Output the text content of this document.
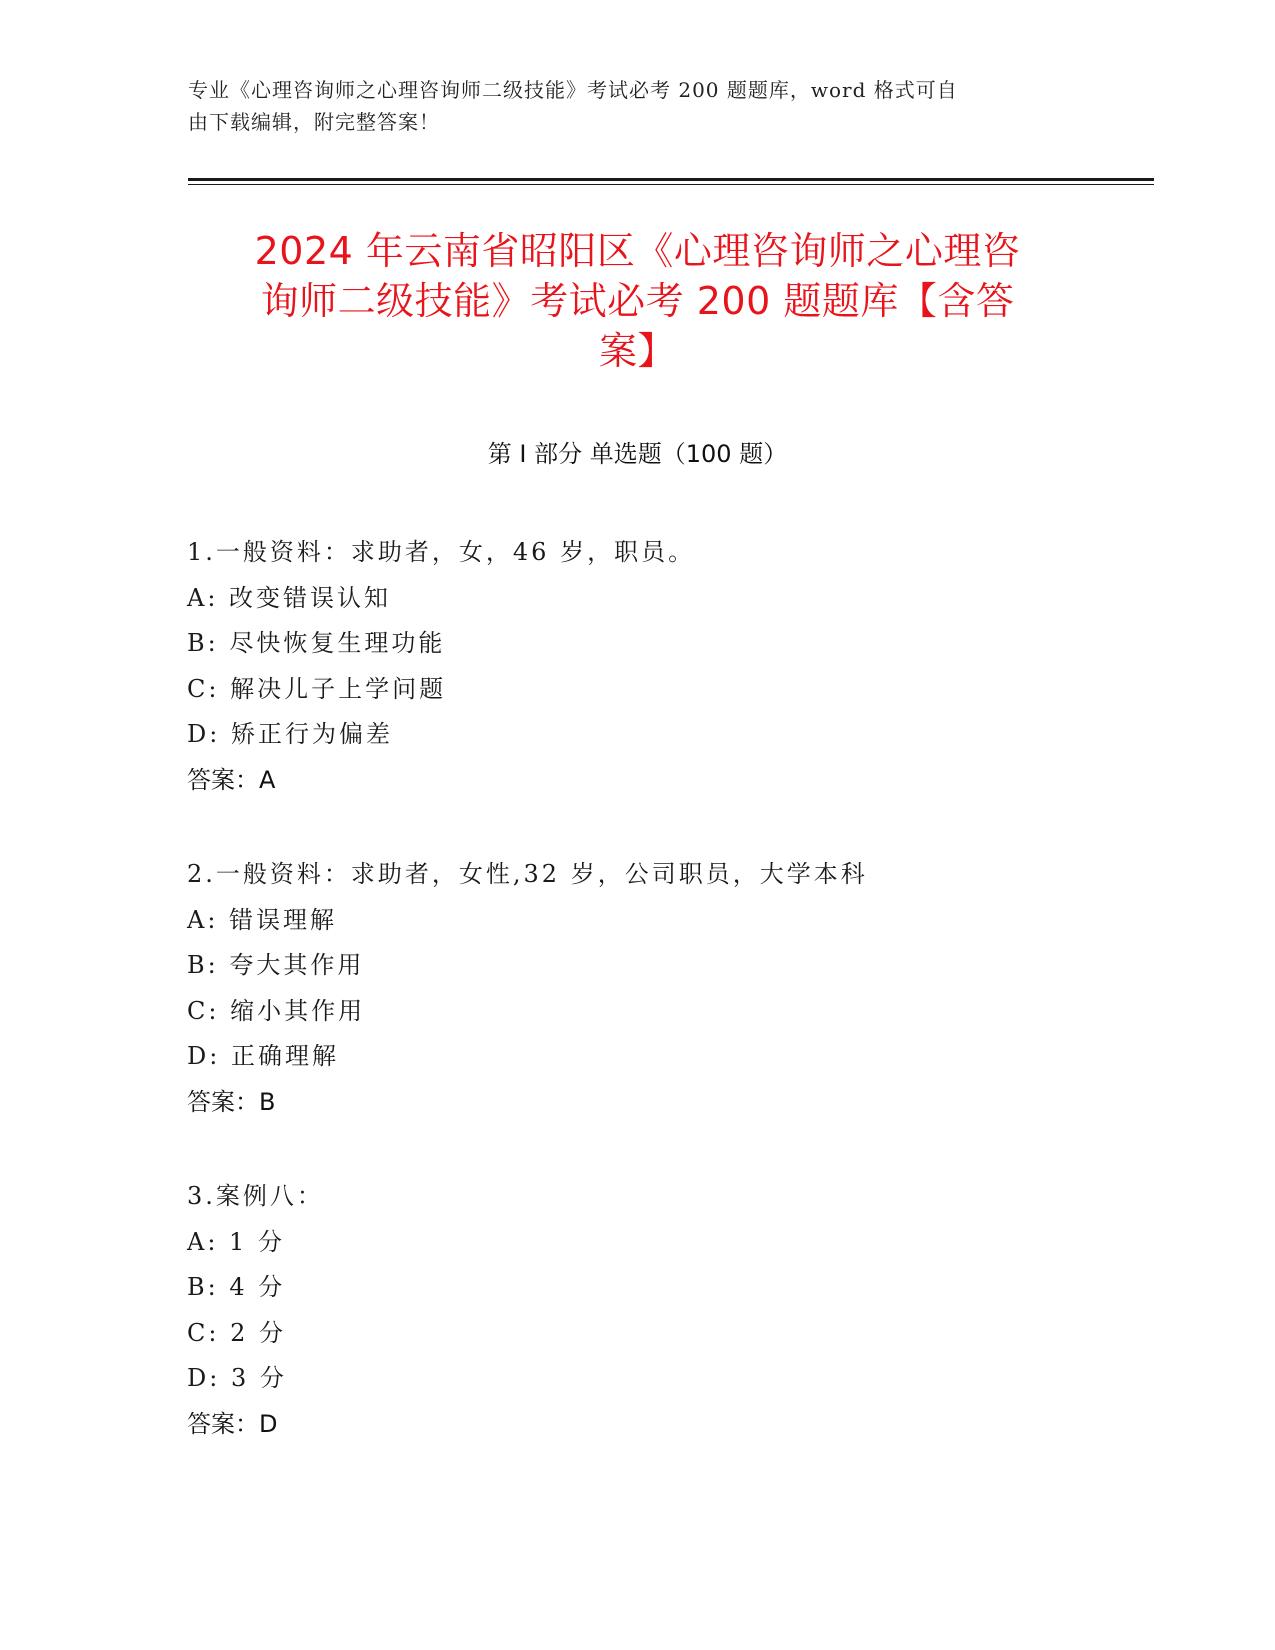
专业《心理咨询师之心理咨询师二级技能》考试必考 200 题题库，word 格式可自
由下载编辑，附完整答案！
2024 年云南省昭阳区《心理咨询师之心理咨
询师二级技能》考试必考 200 题题库【含答
案】
第 I 部分 单选题（100 题）
1.一般资料：求助者，女，46 岁，职员。
A: 改变错误认知
B: 尽快恢复生理功能
C: 解决儿子上学问题
D: 矫正行为偏差
答案：A
2.一般资料：求助者，女性,32 岁，公司职员，大学本科
A: 错误理解
B: 夸大其作用
C: 缩小其作用
D: 正确理解
答案：B
3.案例八：
A: 1 分
B: 4 分
C: 2 分
D: 3 分
答案：D
